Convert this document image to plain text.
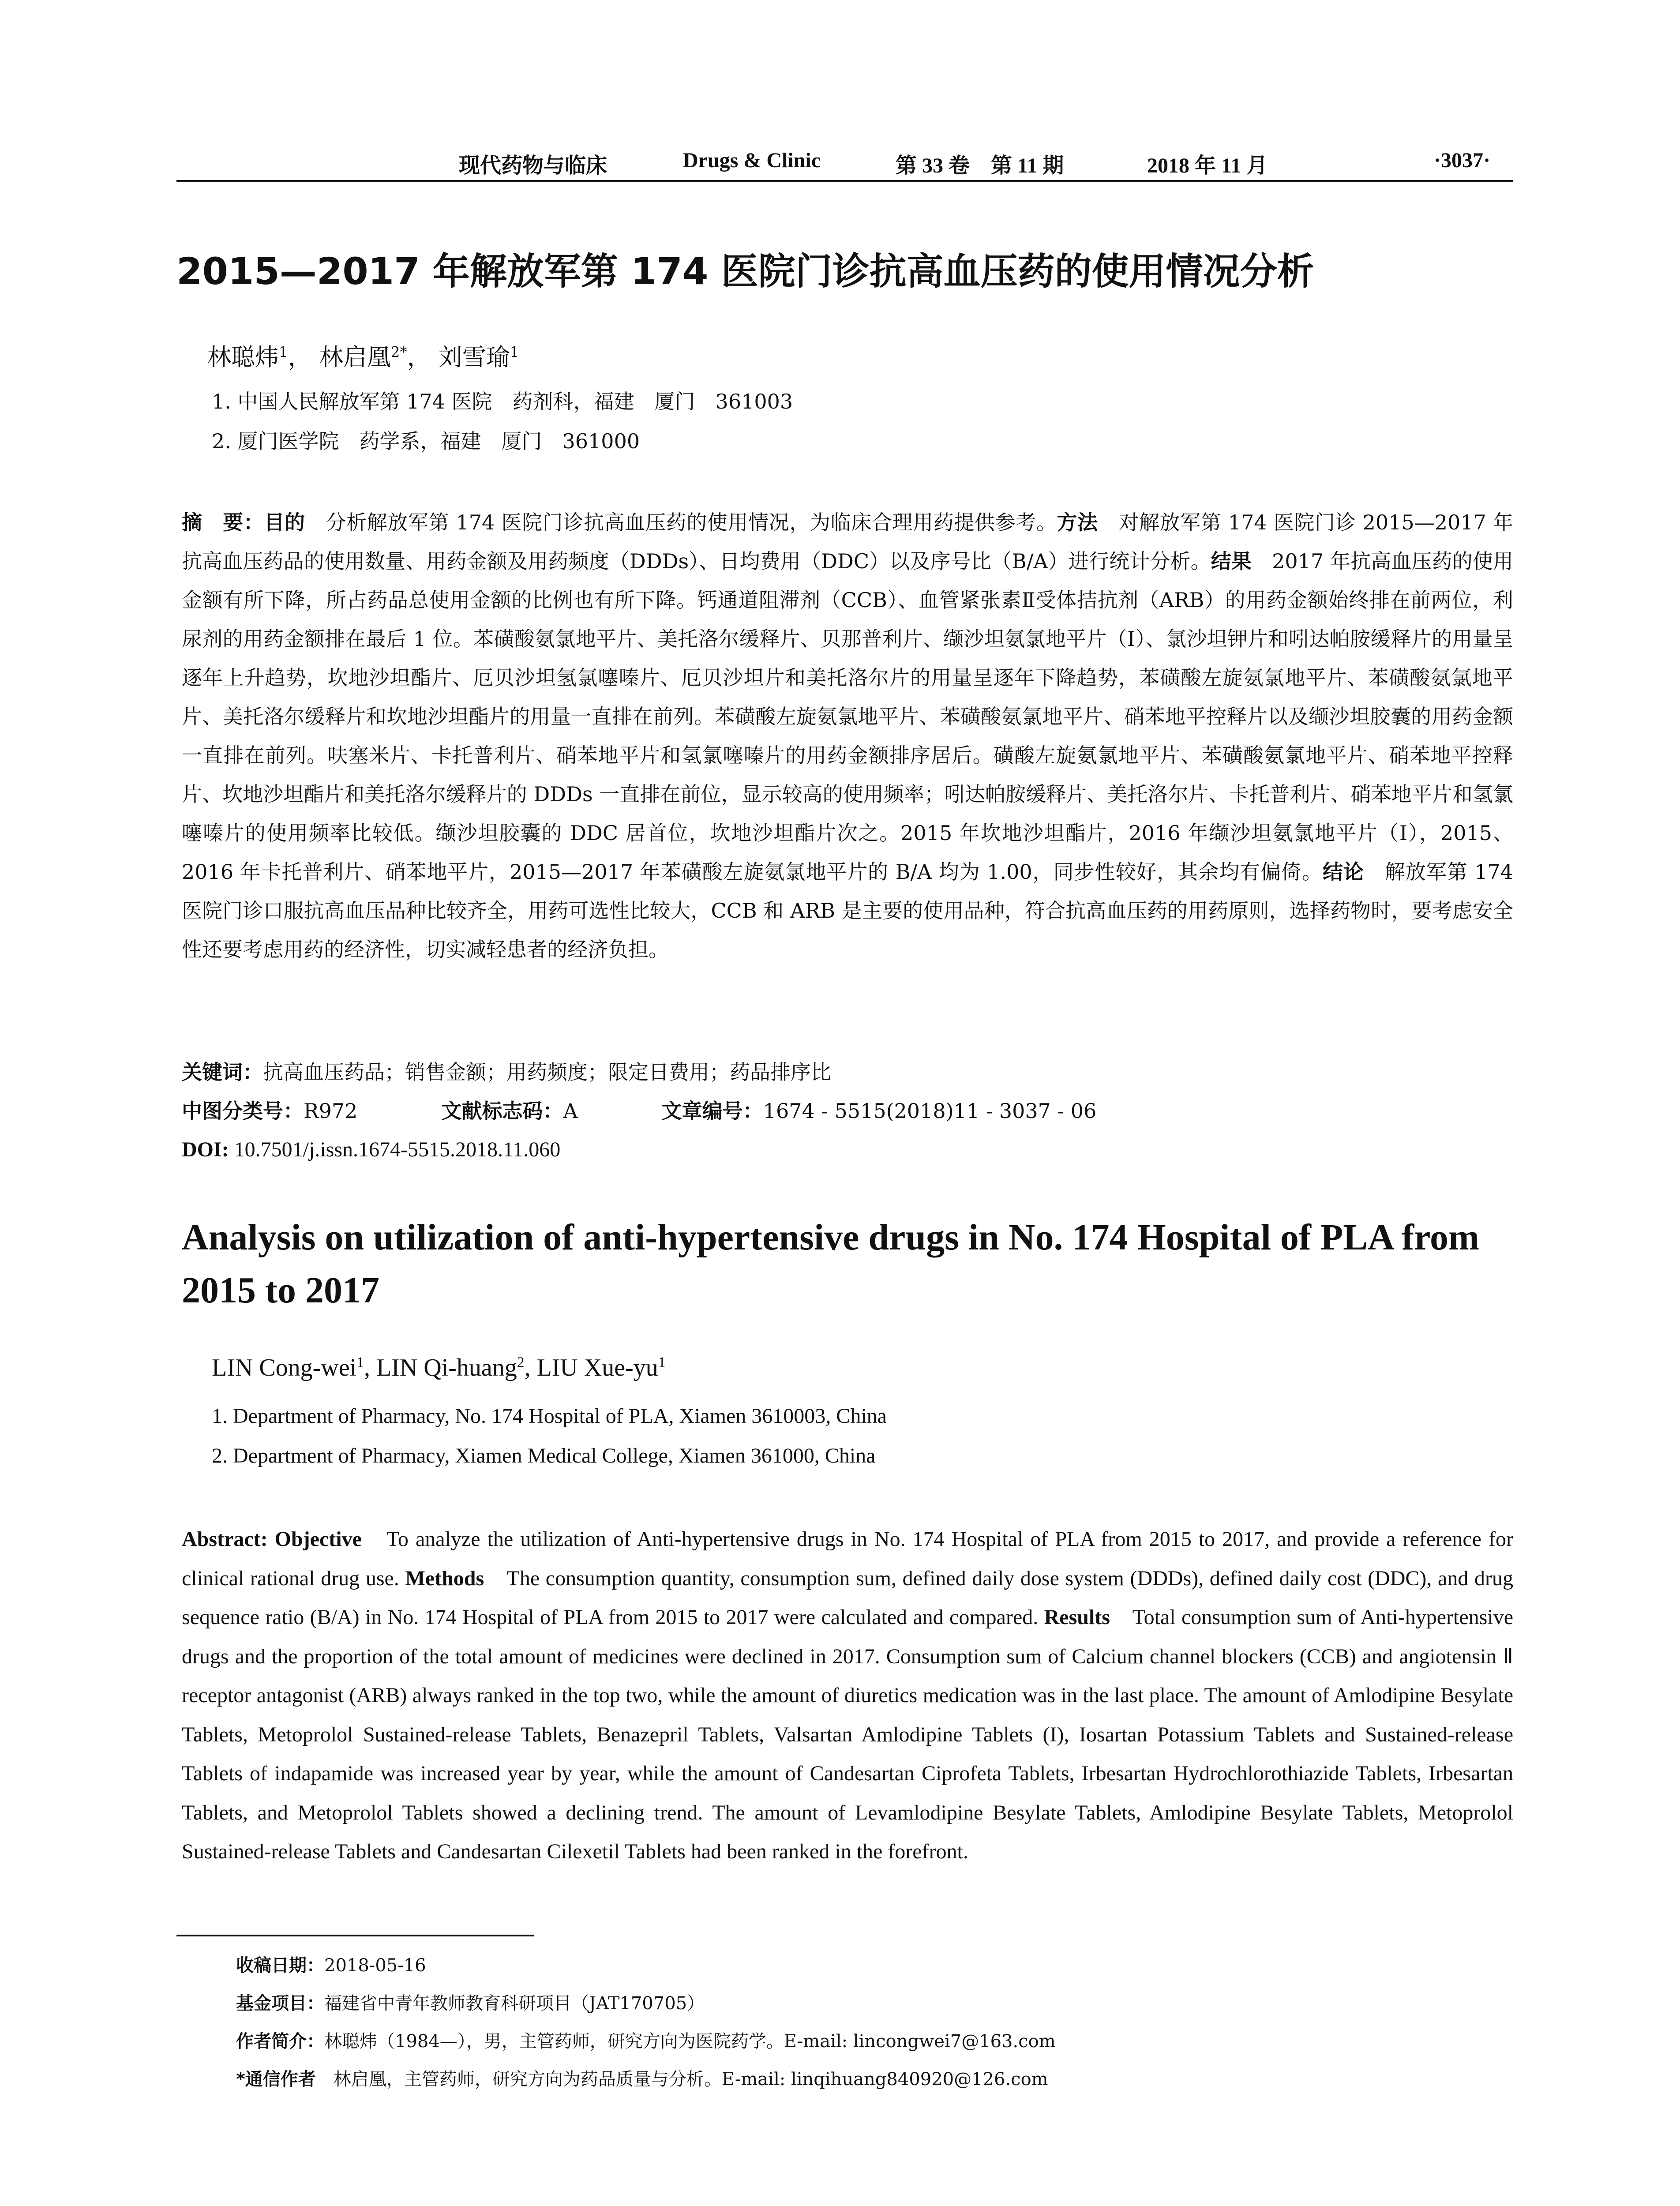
现代药物与临床	Drugs & Clinic	第 33 卷　第 11 期	2018 年 11 月	·3037·
2015—2017 年解放军第 174 医院门诊抗高血压药的使用情况分析
林聪炜$^1$， 林启凰$^{2*}$， 刘雪瑜$^1$
1. 中国人民解放军第 174 医院　药剂科，福建　厦门　361003
2. 厦门医学院　药学系，福建　厦门　361000

摘　要：目的　分析解放军第 174 医院门诊抗高血压药的使用情况，为临床合理用药提供参考。方法　对解放军第 174 医院门诊 2015—2017 年抗高血压药品的使用数量、用药金额及用药频度（DDDs）、日均费用（DDC）以及序号比（B/A）进行统计分析。结果　2017 年抗高血压药的使用金额有所下降，所占药品总使用金额的比例也有所下降。钙通道阻滞剂（CCB）、血管紧张素Ⅱ受体拮抗剂（ARB）的用药金额始终排在前两位，利尿剂的用药金额排在最后 1 位。苯磺酸氨氯地平片、美托洛尔缓释片、贝那普利片、缬沙坦氨氯地平片（I）、氯沙坦钾片和吲达帕胺缓释片的用量呈逐年上升趋势，坎地沙坦酯片、厄贝沙坦氢氯噻嗪片、厄贝沙坦片和美托洛尔片的用量呈逐年下降趋势，苯磺酸左旋氨氯地平片、苯磺酸氨氯地平片、美托洛尔缓释片和坎地沙坦酯片的用量一直排在前列。苯磺酸左旋氨氯地平片、苯磺酸氨氯地平片、硝苯地平控释片以及缬沙坦胶囊的用药金额一直排在前列。呋塞米片、卡托普利片、硝苯地平片和氢氯噻嗪片的用药金额排序居后。磺酸左旋氨氯地平片、苯磺酸氨氯地平片、硝苯地平控释片、坎地沙坦酯片和美托洛尔缓释片的 DDDs 一直排在前位，显示较高的使用频率；吲达帕胺缓释片、美托洛尔片、卡托普利片、硝苯地平片和氢氯噻嗪片的使用频率比较低。缬沙坦胶囊的 DDC 居首位，坎地沙坦酯片次之。2015 年坎地沙坦酯片，2016 年缬沙坦氨氯地平片（I），2015、2016 年卡托普利片、硝苯地平片，2015—2017 年苯磺酸左旋氨氯地平片的 B/A 均为 1.00，同步性较好，其余均有偏倚。结论　解放军第 174 医院门诊口服抗高血压品种比较齐全，用药可选性比较大，CCB 和 ARB 是主要的使用品种，符合抗高血压药的用药原则，选择药物时，要考虑安全性还要考虑用药的经济性，切实减轻患者的经济负担。

关键词：抗高血压药品；销售金额；用药频度；限定日费用；药品排序比
中图分类号：R972	文献标志码：A	文章编号：1674 - 5515(2018)11 - 3037 - 06
DOI: 10.7501/j.issn.1674-5515.2018.11.060
Analysis on utilization of anti-hypertensive drugs in No. 174 Hospital of PLA from 2015 to 2017
LIN Cong-wei$^1$, LIN Qi-huang$^2$, LIU Xue-$yu^1$
1. Department of Pharmacy, No. 174 Hospital of PLA, Xiamen 3610003, China
2. Department of Pharmacy, Xiamen Medical College, Xiamen 361000, China

Abstract: Objective　To analyze the utilization of Anti-hypertensive drugs in No. 174 Hospital of PLA from 2015 to 2017, and provide a reference for clinical rational drug use. Methods　The consumption quantity, consumption sum, defined daily dose system (DDDs), defined daily cost (DDC), and drug sequence ratio (B/A) in No. 174 Hospital of PLA from 2015 to 2017 were calculated and compared. Results　Total consumption sum of Anti-hypertensive drugs and the proportion of the total amount of medicines were declined in 2017. Consumption sum of Calcium channel blockers (CCB) and angiotensin Ⅱ receptor antagonist (ARB) always ranked in the top two, while the amount of diuretics medication was in the last place. The amount of Amlodipine Besylate Tablets, Metoprolol Sustained-release Tablets, Benazepril Tablets, Valsartan Amlodipine Tablets (I), Iosartan Potassium Tablets and Sustained-release Tablets of indapamide was increased year by year, while the amount of Candesartan Ciprofeta Tablets, Irbesartan Hydrochlorothiazide Tablets, Irbesartan Tablets, and Metoprolol Tablets showed a declining trend. The amount of Levamlodipine Besylate Tablets, Amlodipine Besylate Tablets, Metoprolol Sustained-release Tablets and Candesartan Cilexetil Tablets had been ranked in the forefront.

收稿日期：2018-05-16
基金项目：福建省中青年教师教育科研项目（JAT170705）
作者简介：林聪炜（1984—），男，主管药师，研究方向为医院药学。E-mail: lincongwei7@163.com
*通信作者　林启凰，主管药师，研究方向为药品质量与分析。E-mail: linqihuang840920@126.com
